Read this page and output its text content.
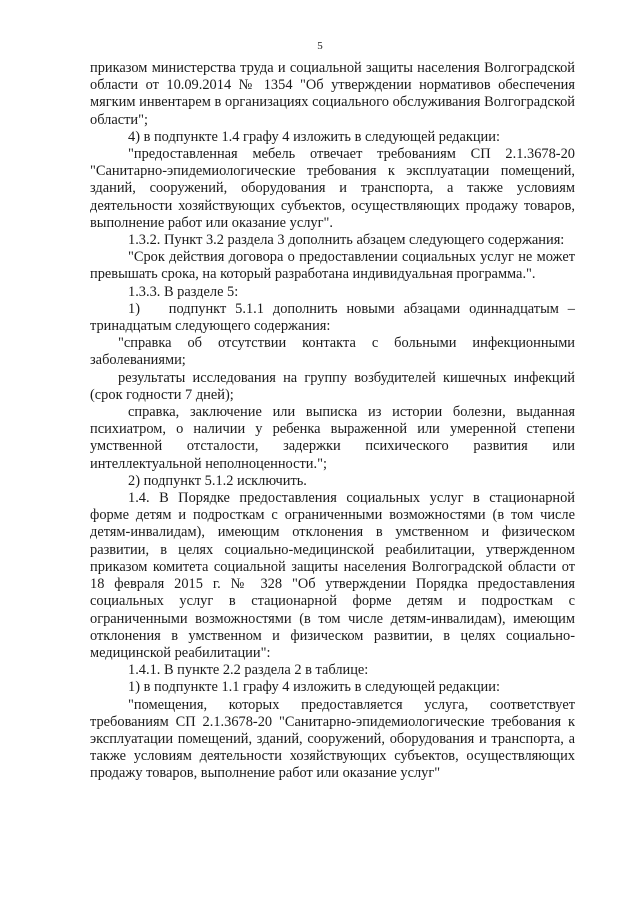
5

приказом министерства труда и социальной защиты населения Волгоградской области от 10.09.2014 № 1354 "Об утверждении нормативов обеспечения мягким инвентарем в организациях социального обслуживания Волгоградской области";

4) в подпункте 1.4 графу 4 изложить в следующей редакции:

"предоставленная мебель отвечает требованиям СП 2.1.3678-20 "Санитарно-эпидемиологические требования к эксплуатации помещений, зданий, сооружений, оборудования и транспорта, а также условиям деятельности хозяйствующих субъектов, осуществляющих продажу товаров, выполнение работ или оказание услуг".

1.3.2. Пункт 3.2 раздела 3 дополнить абзацем следующего содержания:

"Срок действия договора о предоставлении социальных услуг не может превышать срока, на который разработана индивидуальная программа.".

1.3.3. В разделе 5:

1)  подпункт 5.1.1 дополнить новыми абзацами одиннадцатым – тринадцатым следующего содержания:

"справка об отсутствии контакта с больными инфекционными заболеваниями;

результаты исследования на группу возбудителей кишечных инфекций (срок годности 7 дней);

справка, заключение или выписка из истории болезни, выданная психиатром, о наличии у ребенка выраженной или умеренной степени умственной отсталости, задержки психического развития или интеллектуальной неполноценности.";

2) подпункт 5.1.2 исключить.

1.4. В Порядке предоставления социальных услуг в стационарной форме детям и подросткам с ограниченными возможностями (в том числе детям-инвалидам), имеющим отклонения в умственном и физическом развитии, в целях социально-медицинской реабилитации, утвержденном приказом комитета социальной защиты населения Волгоградской области от 18 февраля 2015 г. № 328 "Об утверждении Порядка предоставления социальных услуг в стационарной форме детям и подросткам с ограниченными возможностями (в том числе детям-инвалидам), имеющим отклонения в умственном и физическом развитии, в целях социально-медицинской реабилитации":

1.4.1. В пункте 2.2 раздела 2 в таблице:

1) в подпункте 1.1 графу 4 изложить в следующей редакции:

"помещения, которых предоставляется услуга, соответствует требованиям СП 2.1.3678-20 "Санитарно-эпидемиологические требования к эксплуатации помещений, зданий, сооружений, оборудования и транспорта, а также условиям деятельности хозяйствующих субъектов, осуществляющих продажу товаров, выполнение работ или оказание услуг"
